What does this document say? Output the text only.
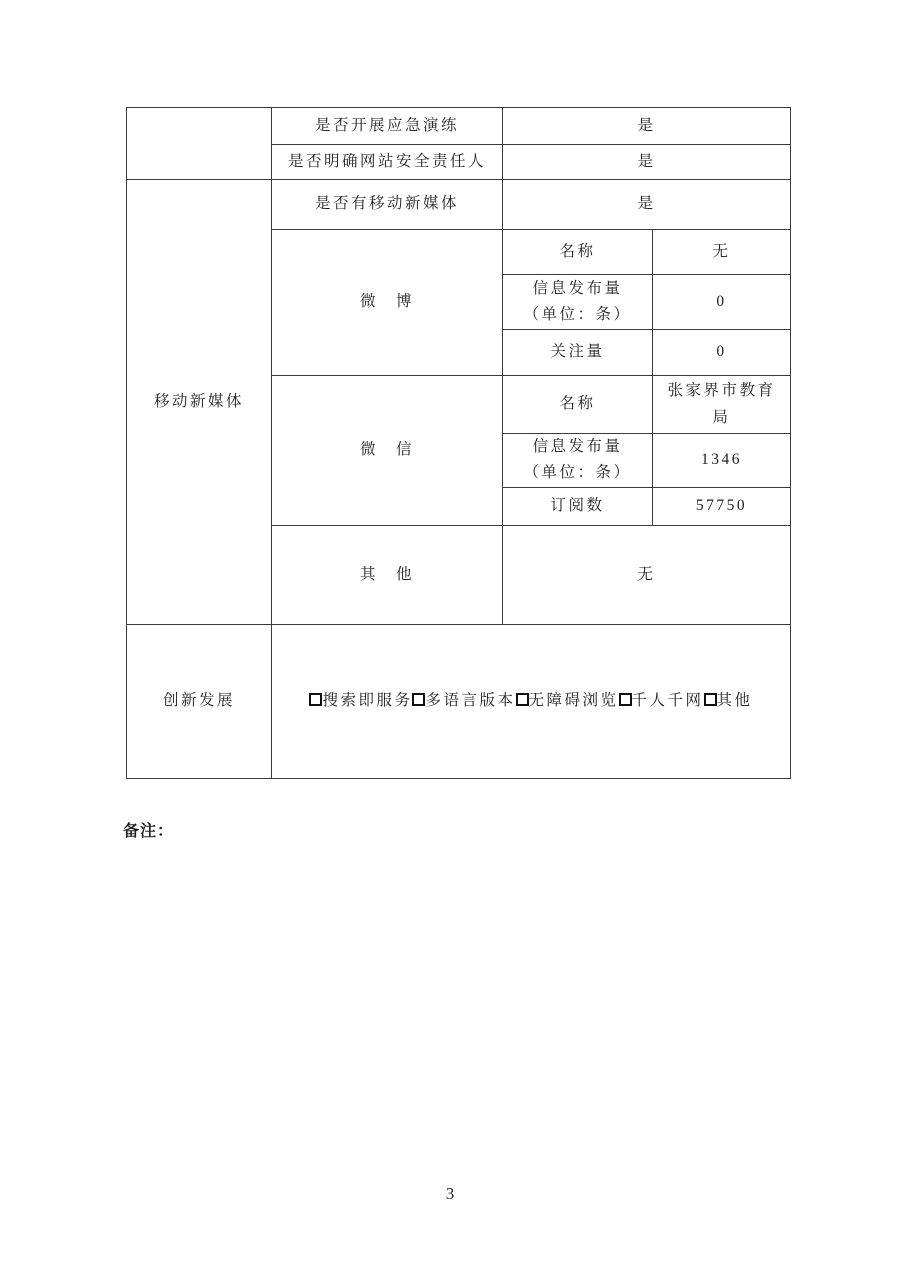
	是否开展应急演练	是	
	是否明确网站安全责任人	是	
移动新媒体	是否有移动新媒体	是	
	微　博	名称	无

		信息发布量
（单位：条）	0
		关注量	0
	微　信	名称	张家界市教育局

		信息发布量
（单位：条）	1346
		订阅数	57750
	其　他	无	
创新发展	搜索即服务 多语言版本 无障碍浏览 千人千网 其他		
备注：
3
